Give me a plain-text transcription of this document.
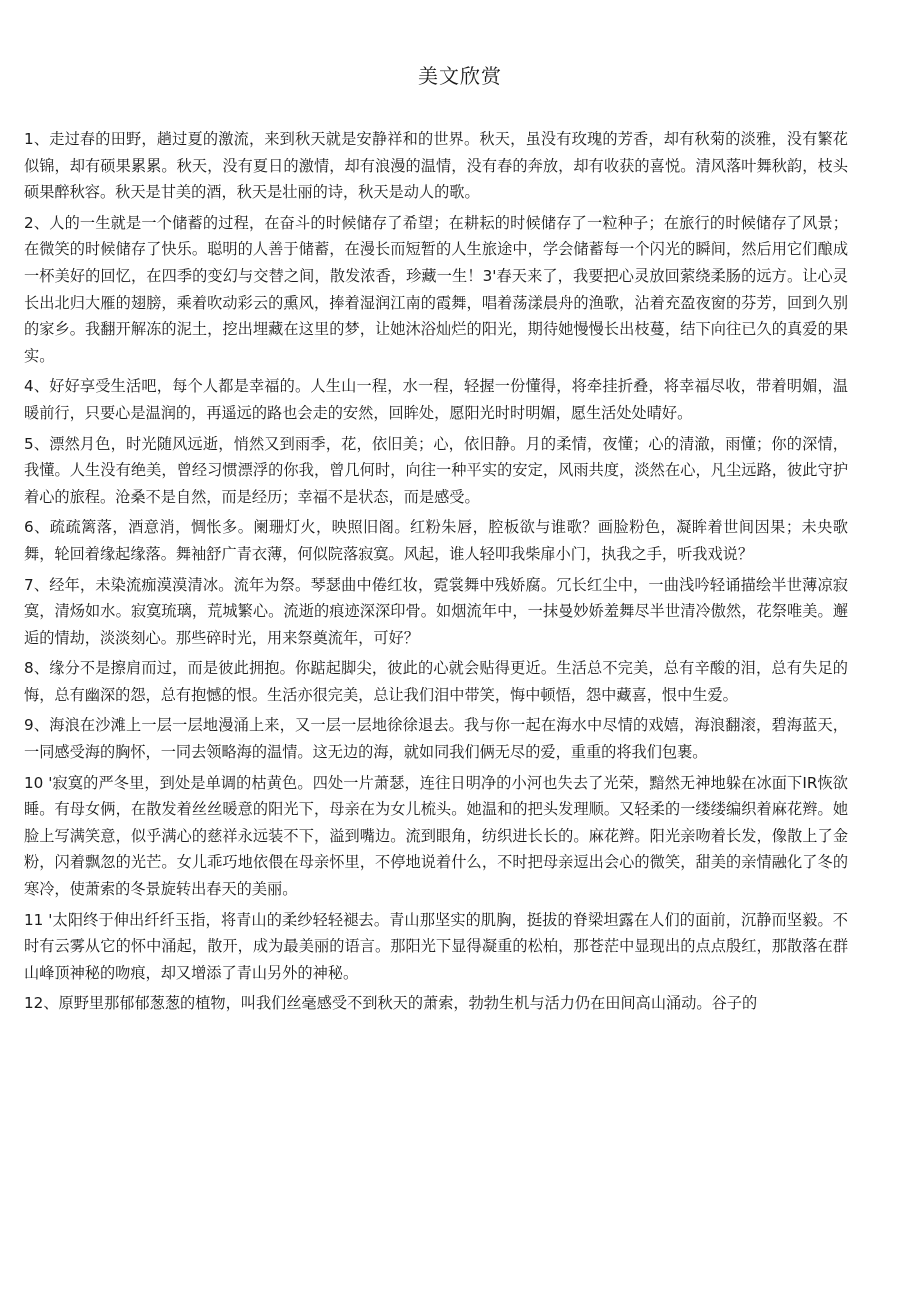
美文欣赏

1、走过春的田野，趟过夏的激流，来到秋天就是安静祥和的世界。秋天，虽没有玫瑰的芳香，却有秋菊的淡雅，没有繁花似锦，却有硕果累累。秋天，没有夏日的激情，却有浪漫的温情，没有春的奔放，却有收获的喜悦。清风落叶舞秋韵，枝头硕果醉秋容。秋天是甘美的酒，秋天是壮丽的诗，秋天是动人的歌。

2、人的一生就是一个储蓄的过程，在奋斗的时候储存了希望；在耕耘的时候储存了一粒种子；在旅行的时候储存了风景；在微笑的时候储存了快乐。聪明的人善于储蓄，在漫长而短暂的人生旅途中，学会储蓄每一个闪光的瞬间，然后用它们酿成一杯美好的回忆，在四季的变幻与交替之间，散发浓香，珍藏一生！3'春天来了，我要把心灵放回萦绕柔肠的远方。让心灵长出北归大雁的翅膀，乘着吹动彩云的熏风，捧着湿润江南的霞舞，唱着荡漾晨舟的渔歌，沾着充盈夜窗的芬芳，回到久别的家乡。我翻开解冻的泥土，挖出埋藏在这里的梦，让她沐浴灿烂的阳光，期待她慢慢长出枝蔓，结下向往已久的真爱的果实。

4、好好享受生活吧，每个人都是幸福的。人生山一程，水一程，轻握一份懂得，将牵挂折叠，将幸福尽收，带着明媚，温暖前行，只要心是温润的，再遥远的路也会走的安然，回眸处，愿阳光时时明媚，愿生活处处晴好。

5、漂然月色，时光随风远逝，悄然又到雨季，花，依旧美；心，依旧静。月的柔情，夜懂；心的清澈，雨懂；你的深情，我懂。人生没有绝美，曾经习惯漂浮的你我，曾几何时，向往一种平实的安定，风雨共度，淡然在心，凡尘远路，彼此守护着心的旅程。沧桑不是自然，而是经历；幸福不是状态，而是感受。

6、疏疏篱落，酒意消，惆怅多。阑珊灯火，映照旧阁。红粉朱唇，腔板欲与谁歌？画脸粉色，凝眸着世间因果；未央歌舞，轮回着缘起缘落。舞袖舒广青衣薄，何似院落寂寞。风起，谁人轻叩我柴扉小门，执我之手，听我戏说？

7、经年，未染流痂漠漠清冰。流年为祭。琴瑟曲中倦红妆，霓裳舞中残娇腐。冗长红尘中，一曲浅吟轻诵描绘半世薄凉寂寞，清炀如水。寂寞琉璃，荒城繁心。流逝的痕迹深深印骨。如烟流年中，一抹曼妙娇羞舞尽半世清冷傲然，花祭唯美。邂逅的情劫，淡淡刻心。那些碎时光，用来祭奠流年，可好？

8、缘分不是擦肩而过，而是彼此拥抱。你踮起脚尖，彼此的心就会贴得更近。生活总不完美，总有辛酸的泪，总有失足的悔，总有幽深的怨，总有抱憾的恨。生活亦很完美，总让我们泪中带笑，悔中顿悟，怨中藏喜，恨中生爱。

9、海浪在沙滩上一层一层地漫涌上来，又一层一层地徐徐退去。我与你一起在海水中尽情的戏嬉，海浪翻滚，碧海蓝天，一同感受海的胸怀，一同去领略海的温情。这无边的海，就如同我们俩无尽的爱，重重的将我们包裹。

10 '寂寞的严冬里，到处是单调的枯黄色。四处一片萧瑟，连往日明净的小河也失去了光荣，黯然无神地躲在冰面下IR恢欲睡。有母女俩，在散发着丝丝暖意的阳光下，母亲在为女儿梳头。她温和的把头发理顺。又轻柔的一缕缕编织着麻花辫。她脸上写满笑意，似乎满心的慈祥永远装不下，溢到嘴边。流到眼角，纺织进长长的。麻花辫。阳光亲吻着长发，像散上了金粉，闪着飘忽的光芒。女儿乖巧地依偎在母亲怀里，不停地说着什么，不时把母亲逗出会心的微笑，甜美的亲情融化了冬的寒冷，使萧索的冬景旋转出春天的美丽。

11 '太阳终于伸出纤纤玉指，将青山的柔纱轻轻褪去。青山那坚实的肌胸，挺拔的脊梁坦露在人们的面前，沉静而坚毅。不时有云雾从它的怀中涌起，散开，成为最美丽的语言。那阳光下显得凝重的松柏，那苍茫中显现出的点点殷红，那散落在群山峰顶神秘的吻痕，却又增添了青山另外的神秘。

12、原野里那郁郁葱葱的植物，叫我们丝毫感受不到秋天的萧索，勃勃生机与活力仍在田间高山涌动。谷子的
